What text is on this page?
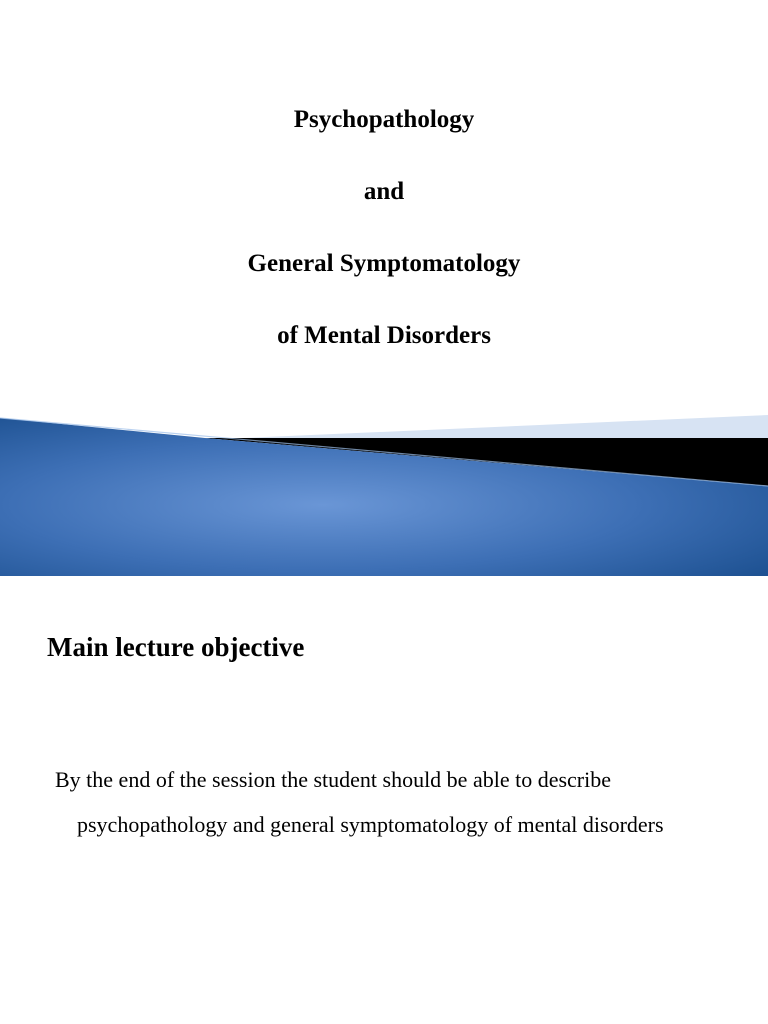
Psychopathology
and
General Symptomatology
of Mental Disorders
Main lecture objective
By the end of the session the student should be able to describe psychopathology and general symptomatology of mental disorders
